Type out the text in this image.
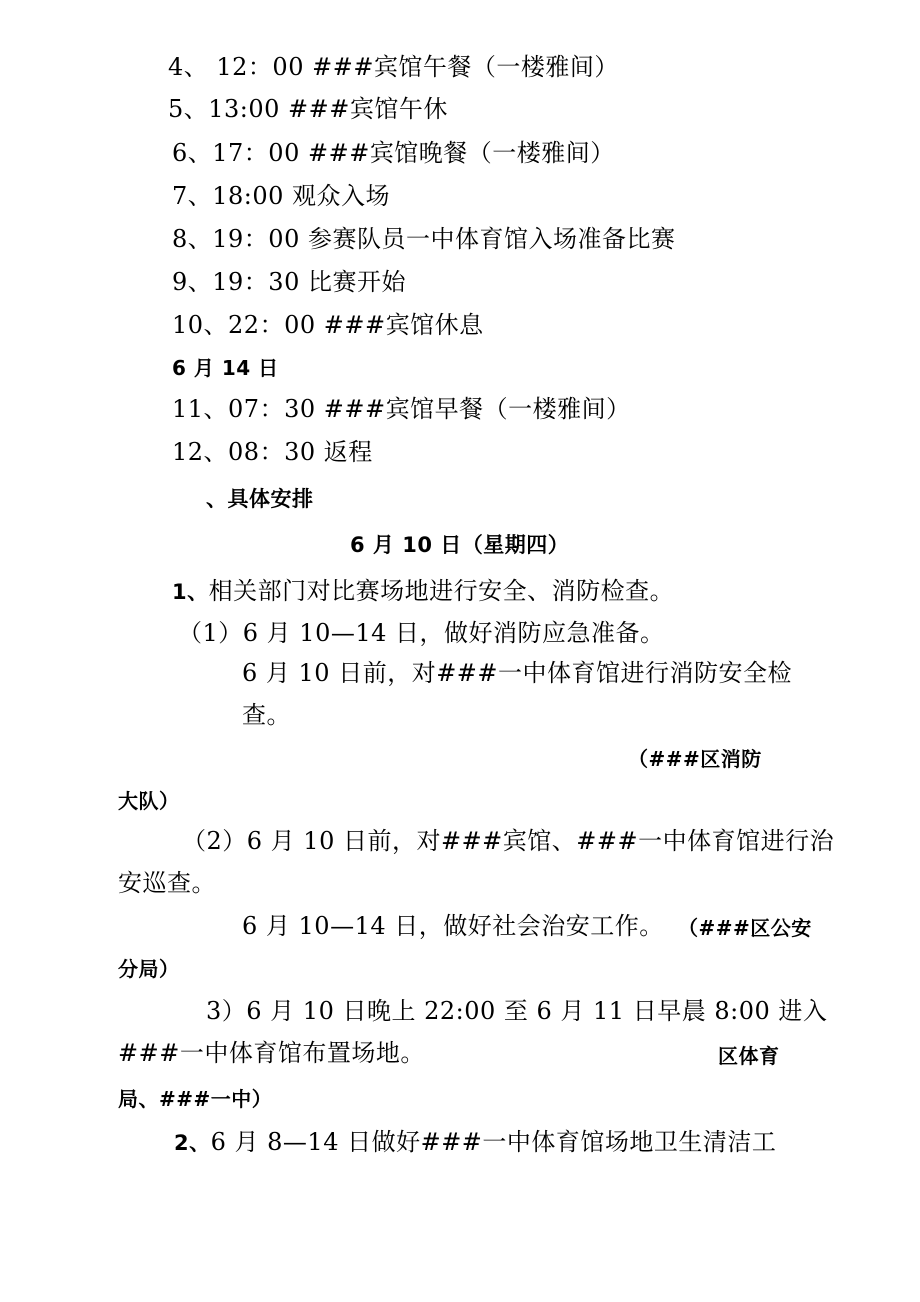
4、 12：00 ###宾馆午餐（一楼雅间）
5、13:00 ###宾馆午休
6、17：00 ###宾馆晚餐（一楼雅间）
7、18:00 观众入场
8、19：00 参赛队员一中体育馆入场准备比赛
9、19：30 比赛开始
10、22：00 ###宾馆休息
6 月 14 日
11、07：30 ###宾馆早餐（一楼雅间）
12、08：30 返程
、具体安排
6 月 10 日（星期四）
1、相关部门对比赛场地进行安全、消防检查。
（1）6 月 10—14 日，做好消防应急准备。
6 月 10 日前，对###一中体育馆进行消防安全检
查。
（###区消防
大队）
（2）6 月 10 日前，对###宾馆、###一中体育馆进行治
安巡查。
6 月 10—14 日，做好社会治安工作。 （###区公安
分局）
3）6 月 10 日晚上 22:00 至 6 月 11 日早晨 8:00 进入
###一中体育馆布置场地。	区体育
局、###一中）
2、6 月 8—14 日做好###一中体育馆场地卫生清洁工
